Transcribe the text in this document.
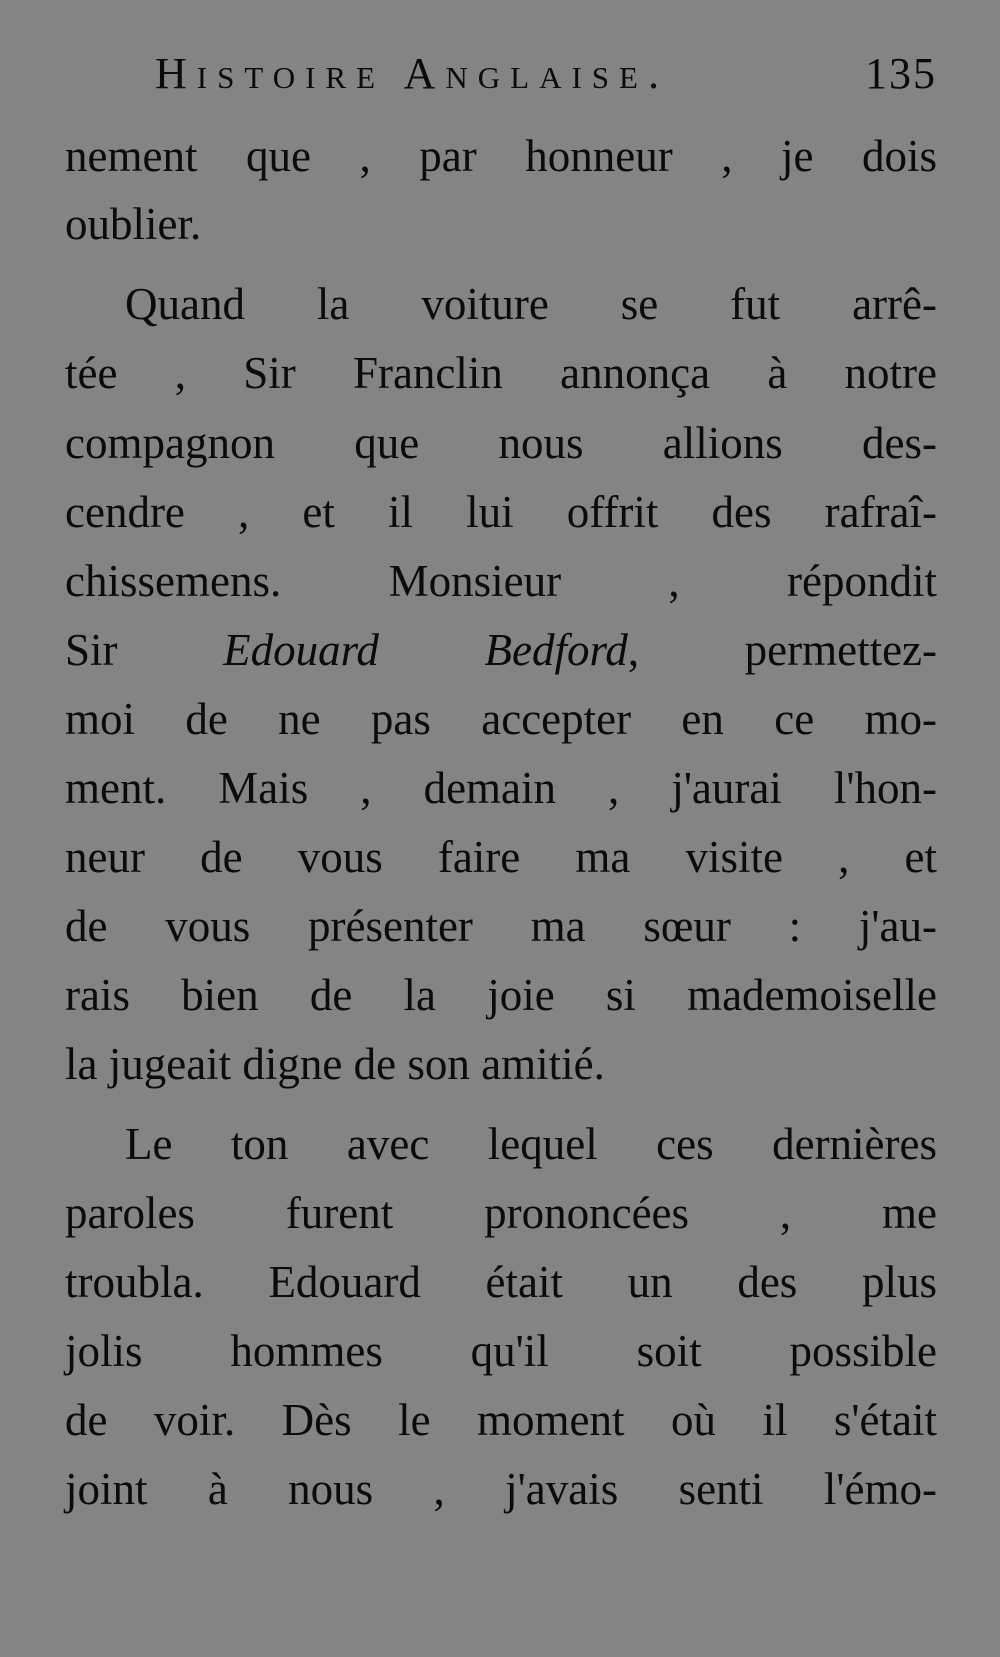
Histoire Anglaise.	135
nement que , par honneur , je dois
oublier.
Quand la voiture se fut arrê-
tée , Sir Franclin annonça à notre
compagnon que nous allions des-
cendre , et il lui offrit des rafraî-
chissemens. Monsieur , répondit
Sir Edouard Bedford, permettez-
moi de ne pas accepter en ce mo-
ment. Mais , demain , j'aurai l'hon-
neur de vous faire ma visite , et
de vous présenter ma sœur : j'au-
rais bien de la joie si mademoiselle
la jugeait digne de son amitié.
Le ton avec lequel ces dernières
paroles furent prononcées , me
troubla. Edouard était un des plus
jolis hommes qu'il soit possible
de voir. Dès le moment où il s'était
joint à nous , j'avais senti l'émo-
